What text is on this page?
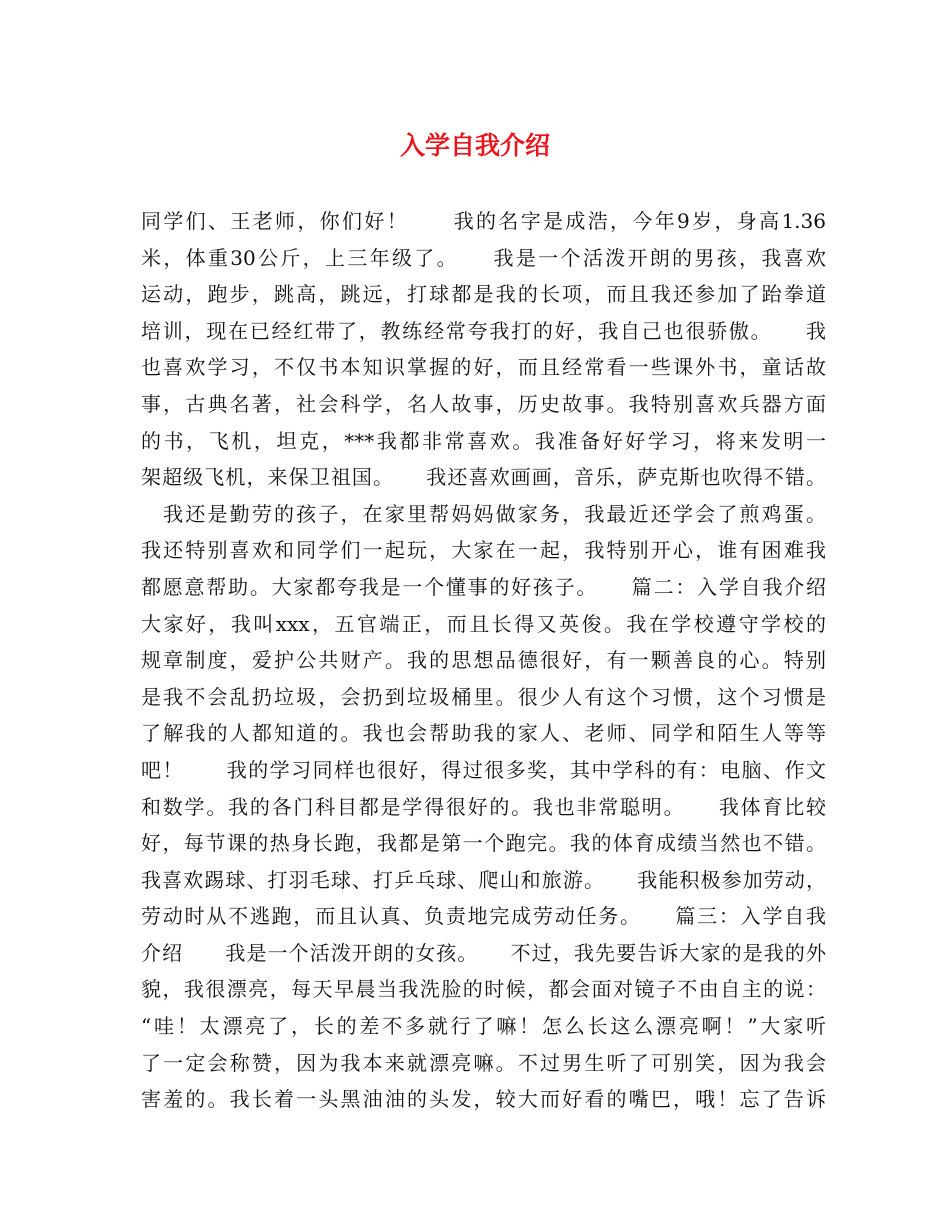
入学自我介绍
同学们、王老师，你们好！　　我的名字是成浩，今年9岁，身高1.36
米，体重30公斤，上三年级了。　　我是一个活泼开朗的男孩，我喜欢
运动，跑步，跳高，跳远，打球都是我的长项，而且我还参加了跆拳道
培训，现在已经红带了，教练经常夸我打的好，我自己也很骄傲。　　我
也喜欢学习，不仅书本知识掌握的好，而且经常看一些课外书，童话故
事，古典名著，社会科学，名人故事，历史故事。我特别喜欢兵器方面
的书，飞机，坦克，***我都非常喜欢。我准备好好学习，将来发明一
架超级飞机，来保卫祖国。　　我还喜欢画画，音乐，萨克斯也吹得不错。
　我还是勤劳的孩子，在家里帮妈妈做家务，我最近还学会了煎鸡蛋。
我还特别喜欢和同学们一起玩，大家在一起，我特别开心，谁有困难我
都愿意帮助。大家都夸我是一个懂事的好孩子。　　篇二：入学自我介绍
大家好，我叫xxx，五官端正，而且长得又英俊。我在学校遵守学校的
规章制度，爱护公共财产。我的思想品德很好，有一颗善良的心。特别
是我不会乱扔垃圾，会扔到垃圾桶里。很少人有这个习惯，这个习惯是
了解我的人都知道的。我也会帮助我的家人、老师、同学和陌生人等等
吧！　　我的学习同样也很好，得过很多奖，其中学科的有：电脑、作文
和数学。我的各门科目都是学得很好的。我也非常聪明。　　我体育比较
好，每节课的热身长跑，我都是第一个跑完。我的体育成绩当然也不错。
我喜欢踢球、打羽毛球、打乒乓球、爬山和旅游。　　我能积极参加劳动，
劳动时从不逃跑，而且认真、负责地完成劳动任务。　　篇三：入学自我
介绍　　我是一个活泼开朗的女孩。　　不过，我先要告诉大家的是我的外
貌，我很漂亮，每天早晨当我洗脸的时候，都会面对镜子不由自主的说：
“哇！太漂亮了，长的差不多就行了嘛！怎么长这么漂亮啊！”大家听
了一定会称赞，因为我本来就漂亮嘛。不过男生听了可别笑，因为我会
害羞的。我长着一头黑油油的头发，较大而好看的嘴巴，哦！忘了告诉
